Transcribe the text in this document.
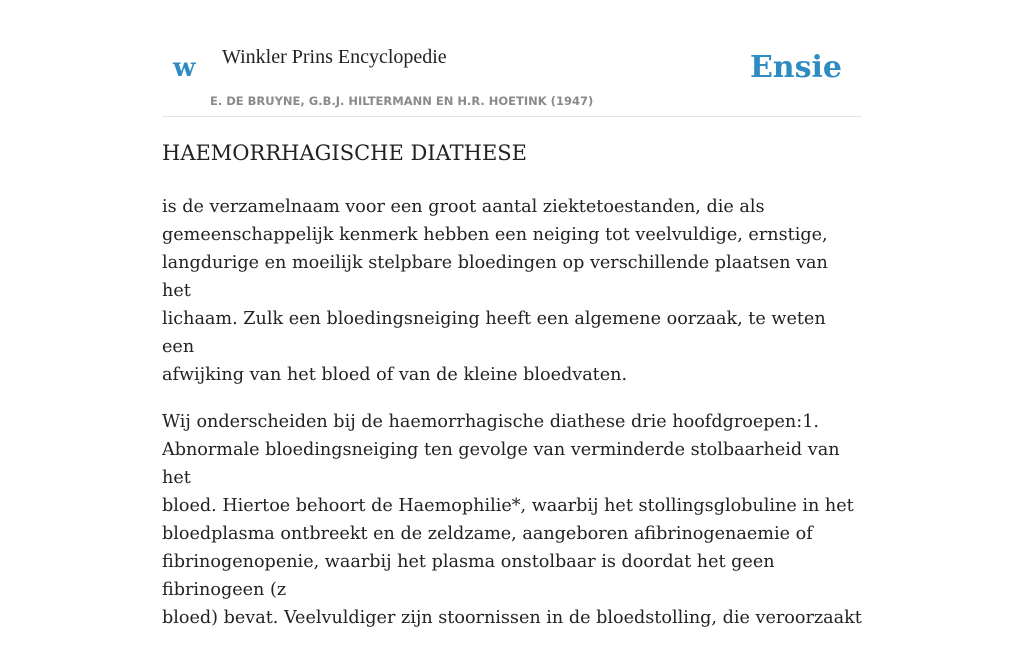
w Winkler Prins Encyclopedie
E. DE BRUYNE, G.B.J. HILTERMANN EN H.R. HOETINK (1947)
Ensie
HAEMORRHAGISCHE DIATHESE

is de verzamelnaam voor een groot aantal ziektetoestanden, die als
gemeenschappelijk kenmerk hebben een neiging tot veelvuldige, ernstige,
langdurige en moeilijk stelpbare bloedingen op verschillende plaatsen van het
lichaam. Zulk een bloedingsneiging heeft een algemene oorzaak, te weten een
afwijking van het bloed of van de kleine bloedvaten.

Wij onderscheiden bij de haemorrhagische diathese drie hoofdgroepen:1.
Abnormale bloedingsneiging ten gevolge van verminderde stolbaarheid van het
bloed. Hiertoe behoort de Haemophilie*, waarbij het stollingsglobuline in het
bloedplasma ontbreekt en de zeldzame, aangeboren afibrinogenaemie of
fibrinogenopenie, waarbij het plasma onstolbaar is doordat het geen fibrinogeen (z
bloed) bevat. Veelvuldiger zijn stoornissen in de bloedstolling, die veroorzaakt
